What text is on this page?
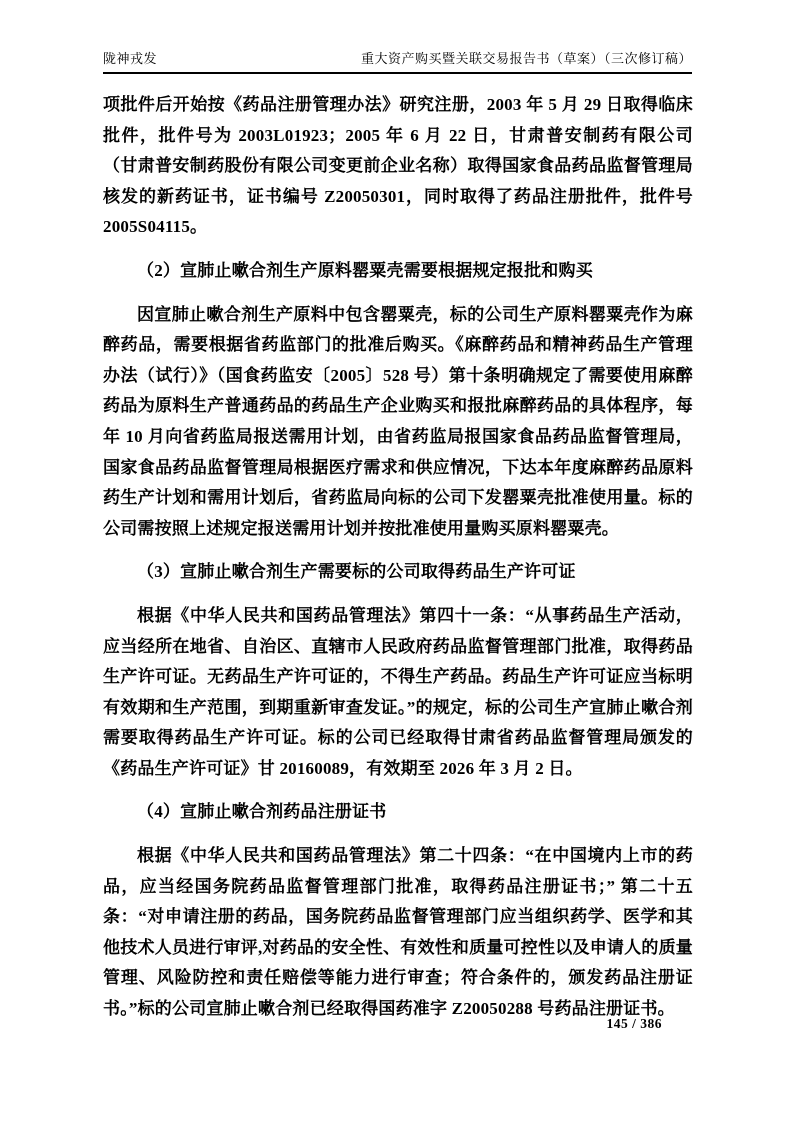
陇神戎发	重大资产购买暨关联交易报告书（草案）（三次修订稿）

项批件后开始按《药品注册管理办法》研究注册，2003 年 5 月 29 日取得临床批件，批件号为 2003L01923；2005 年 6 月 22 日，甘肃普安制药有限公司（甘肃普安制药股份有限公司变更前企业名称）取得国家食品药品监督管理局核发的新药证书，证书编号 Z20050301，同时取得了药品注册批件，批件号 2005S04115。

（2）宣肺止嗽合剂生产原料罂粟壳需要根据规定报批和购买

因宣肺止嗽合剂生产原料中包含罂粟壳，标的公司生产原料罂粟壳作为麻醉药品，需要根据省药监部门的批准后购买。《麻醉药品和精神药品生产管理办法（试行）》（国食药监安〔2005〕528 号）第十条明确规定了需要使用麻醉药品为原料生产普通药品的药品生产企业购买和报批麻醉药品的具体程序，每年 10 月向省药监局报送需用计划，由省药监局报国家食品药品监督管理局，国家食品药品监督管理局根据医疗需求和供应情况，下达本年度麻醉药品原料药生产计划和需用计划后，省药监局向标的公司下发罂粟壳批准使用量。标的公司需按照上述规定报送需用计划并按批准使用量购买原料罂粟壳。

（3）宣肺止嗽合剂生产需要标的公司取得药品生产许可证

根据《中华人民共和国药品管理法》第四十一条：“从事药品生产活动，应当经所在地省、自治区、直辖市人民政府药品监督管理部门批准，取得药品生产许可证。无药品生产许可证的，不得生产药品。药品生产许可证应当标明有效期和生产范围，到期重新审查发证。”的规定，标的公司生产宣肺止嗽合剂需要取得药品生产许可证。标的公司已经取得甘肃省药品监督管理局颁发的《药品生产许可证》甘 20160089，有效期至 2026 年 3 月 2 日。

（4）宣肺止嗽合剂药品注册证书

根据《中华人民共和国药品管理法》第二十四条：“在中国境内上市的药品，应当经国务院药品监督管理部门批准，取得药品注册证书；” 第二十五条：“对申请注册的药品，国务院药品监督管理部门应当组织药学、医学和其他技术人员进行审评,对药品的安全性、有效性和质量可控性以及申请人的质量管理、风险防控和责任赔偿等能力进行审查；符合条件的，颁发药品注册证书。”标的公司宣肺止嗽合剂已经取得国药准字 Z20050288 号药品注册证书。

145 / 386
